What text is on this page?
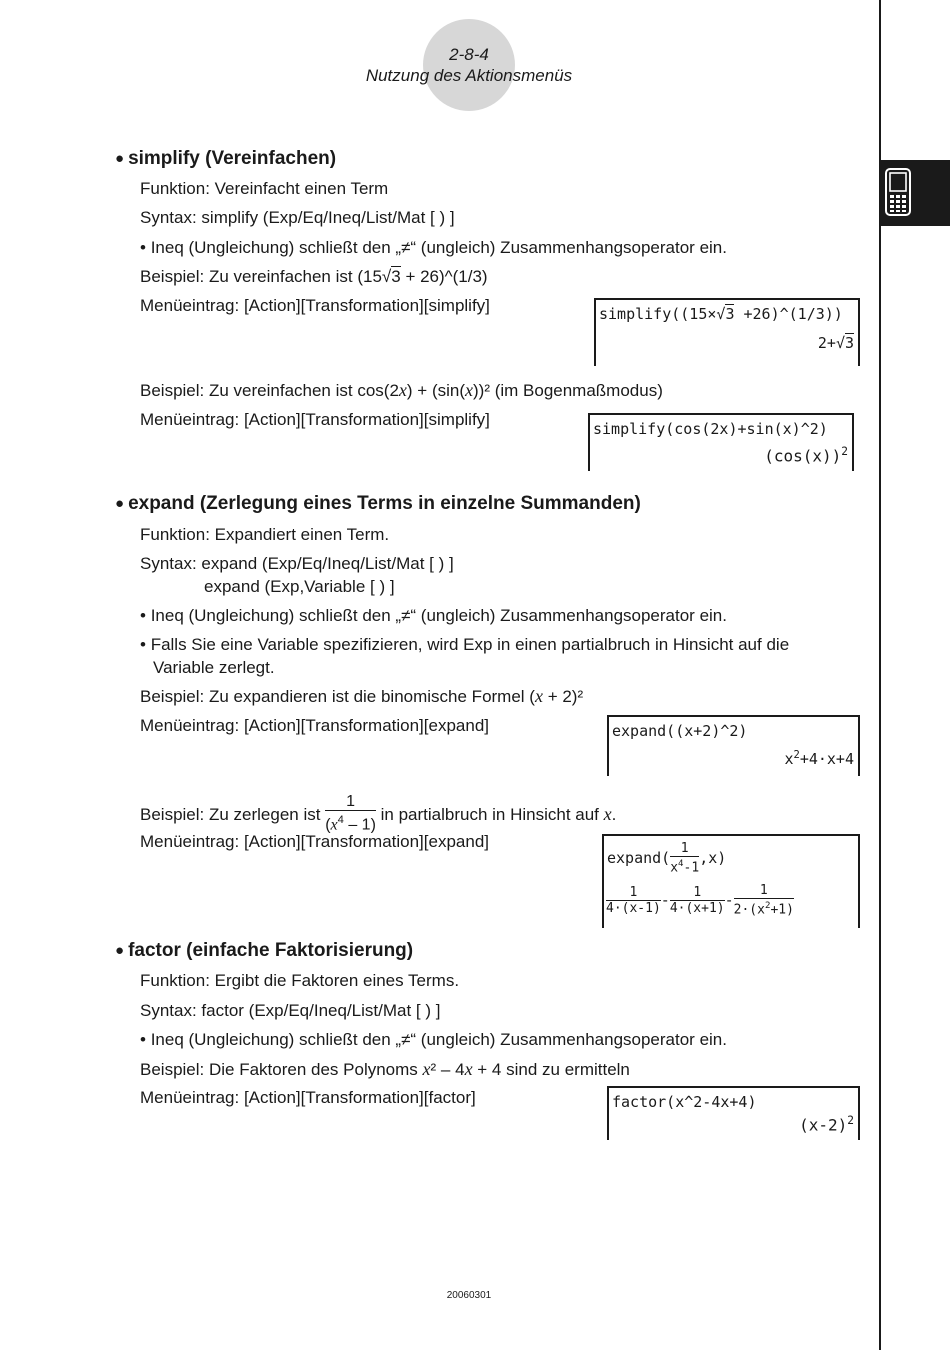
2-8-4
Nutzung des Aktionsmenüs
● simplify (Vereinfachen)
Funktion: Vereinfacht einen Term
Syntax: simplify (Exp/Eq/Ineq/List/Mat [ ) ]
• Ineq (Ungleichung) schließt den „≠“ (ungleich) Zusammenhangsoperator ein.
Beispiel: Zu vereinfachen ist (15√3 + 26)^(1/3)
Menüeintrag: [Action][Transformation][simplify]	simplify((15×√3 +26)^(1/3))
2+√3
Beispiel: Zu vereinfachen ist cos(2x) + (sin(x))² (im Bogenmaßmodus)
Menüeintrag: [Action][Transformation][simplify]	simplify(cos(2x)+sin(x)^2)
$(\cos(x))^2$
● expand (Zerlegung eines Terms in einzelne Summanden)
Funktion: Expandiert einen Term.
Syntax: expand (Exp/Eq/Ineq/List/Mat [ ) ]
expand (Exp,Variable [ ) ]
• Ineq (Ungleichung) schließt den „≠“ (ungleich) Zusammenhangsoperator ein.
• Falls Sie eine Variable spezifizieren, wird Exp in einen partialbruch in Hinsicht auf die
Variable zerlegt.
Beispiel: Zu expandieren ist die binomische Formel (x + 2)²
Menüeintrag: [Action][Transformation][expand]	expand((x+2)^2)
$x^2+4\cdot x+4$
Beispiel: Zu zerlegen ist $\frac{1}{(x^4 - 1)}$ in partialbruch in Hinsicht auf x.
Menüeintrag: [Action][Transformation][expand]
expand( $\frac{1}{x^4-1} ,x$)
$\frac{1}{4\cdot(x-1)} - \frac{1}{4\cdot(x+1)} - \frac{1}{2\cdot(x^2+1)}$
● factor (einfache Faktorisierung)
Funktion: Ergibt die Faktoren eines Terms.
Syntax: factor (Exp/Eq/Ineq/List/Mat [ ) ]
• Ineq (Ungleichung) schließt den „≠“ (ungleich) Zusammenhangsoperator ein.
Beispiel: Die Faktoren des Polynoms x² – 4x + 4 sind zu ermitteln
Menüeintrag: [Action][Transformation][factor]	factor(x^2-4x+4)
$(x-2)^2$
20060301
